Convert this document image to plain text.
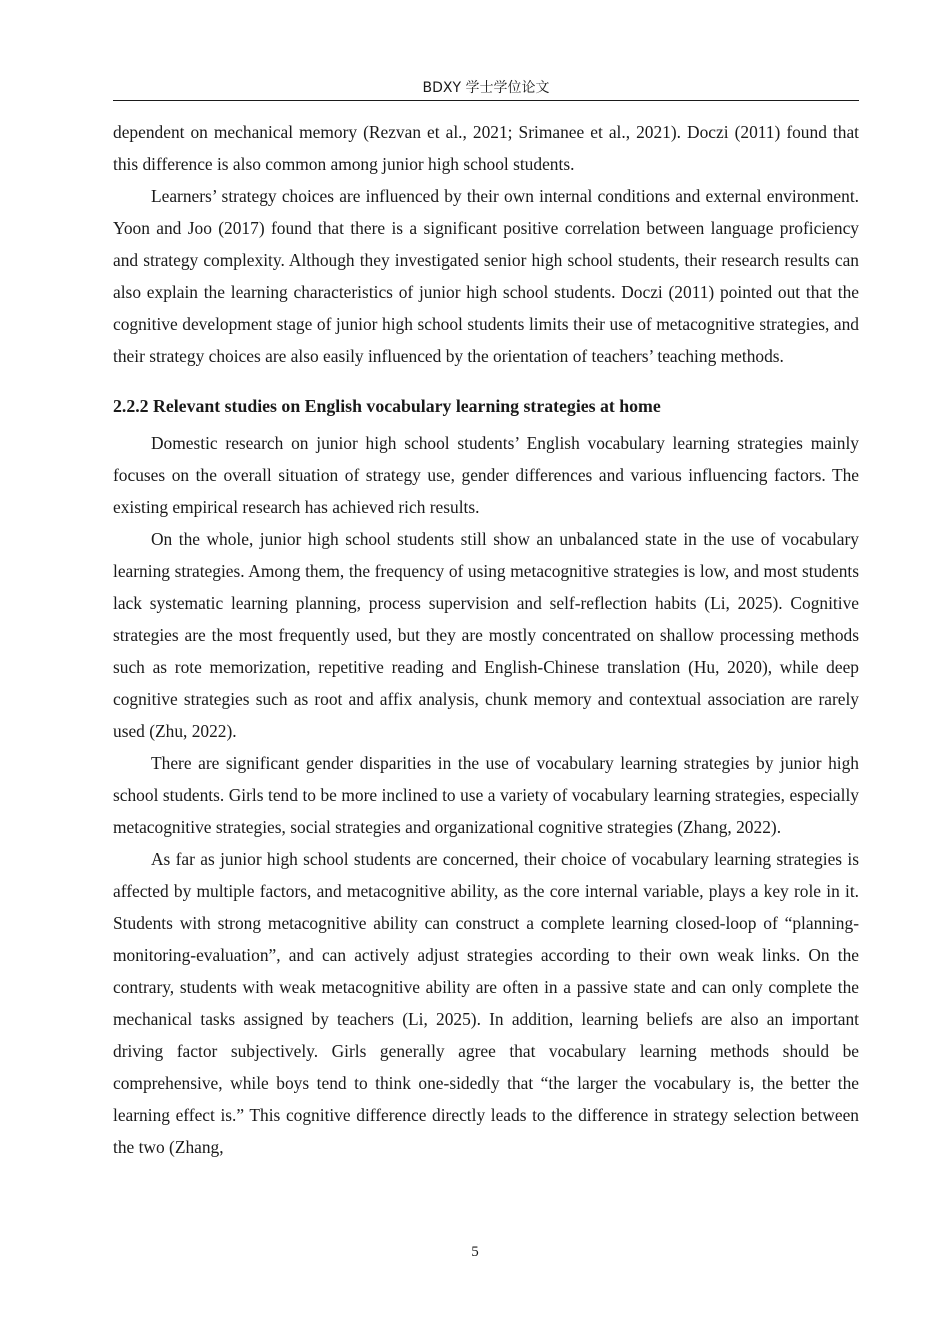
BDXY 学士学位论文

dependent on mechanical memory (Rezvan et al., 2021; Srimanee et al., 2021). Doczi (2011) found that this difference is also common among junior high school students.

Learners’ strategy choices are influenced by their own internal conditions and external environment. Yoon and Joo (2017) found that there is a significant positive correlation between language proficiency and strategy complexity. Although they investigated senior high school students, their research results can also explain the learning characteristics of junior high school students. Doczi (2011) pointed out that the cognitive development stage of junior high school students limits their use of metacognitive strategies, and their strategy choices are also easily influenced by the orientation of teachers’ teaching methods.

2.2.2 Relevant studies on English vocabulary learning strategies at home

Domestic research on junior high school students’ English vocabulary learning strategies mainly focuses on the overall situation of strategy use, gender differences and various influencing factors. The existing empirical research has achieved rich results.

On the whole, junior high school students still show an unbalanced state in the use of vocabulary learning strategies. Among them, the frequency of using metacognitive strategies is low, and most students lack systematic learning planning, process supervision and self-reflection habits (Li, 2025). Cognitive strategies are the most frequently used, but they are mostly concentrated on shallow processing methods such as rote memorization, repetitive reading and English-Chinese translation (Hu, 2020), while deep cognitive strategies such as root and affix analysis, chunk memory and contextual association are rarely used (Zhu, 2022).

There are significant gender disparities in the use of vocabulary learning strategies by junior high school students. Girls tend to be more inclined to use a variety of vocabulary learning strategies, especially metacognitive strategies, social strategies and organizational cognitive strategies (Zhang, 2022).

As far as junior high school students are concerned, their choice of vocabulary learning strategies is affected by multiple factors, and metacognitive ability, as the core internal variable, plays a key role in it. Students with strong metacognitive ability can construct a complete learning closed-loop of “planning-monitoring-evaluation”, and can actively adjust strategies according to their own weak links. On the contrary, students with weak metacognitive ability are often in a passive state and can only complete the mechanical tasks assigned by teachers (Li, 2025). In addition, learning beliefs are also an important driving factor subjectively. Girls generally agree that vocabulary learning methods should be comprehensive, while boys tend to think one-sidedly that “the larger the vocabulary is, the better the learning effect is.” This cognitive difference directly leads to the difference in strategy selection between the two (Zhang,

5
